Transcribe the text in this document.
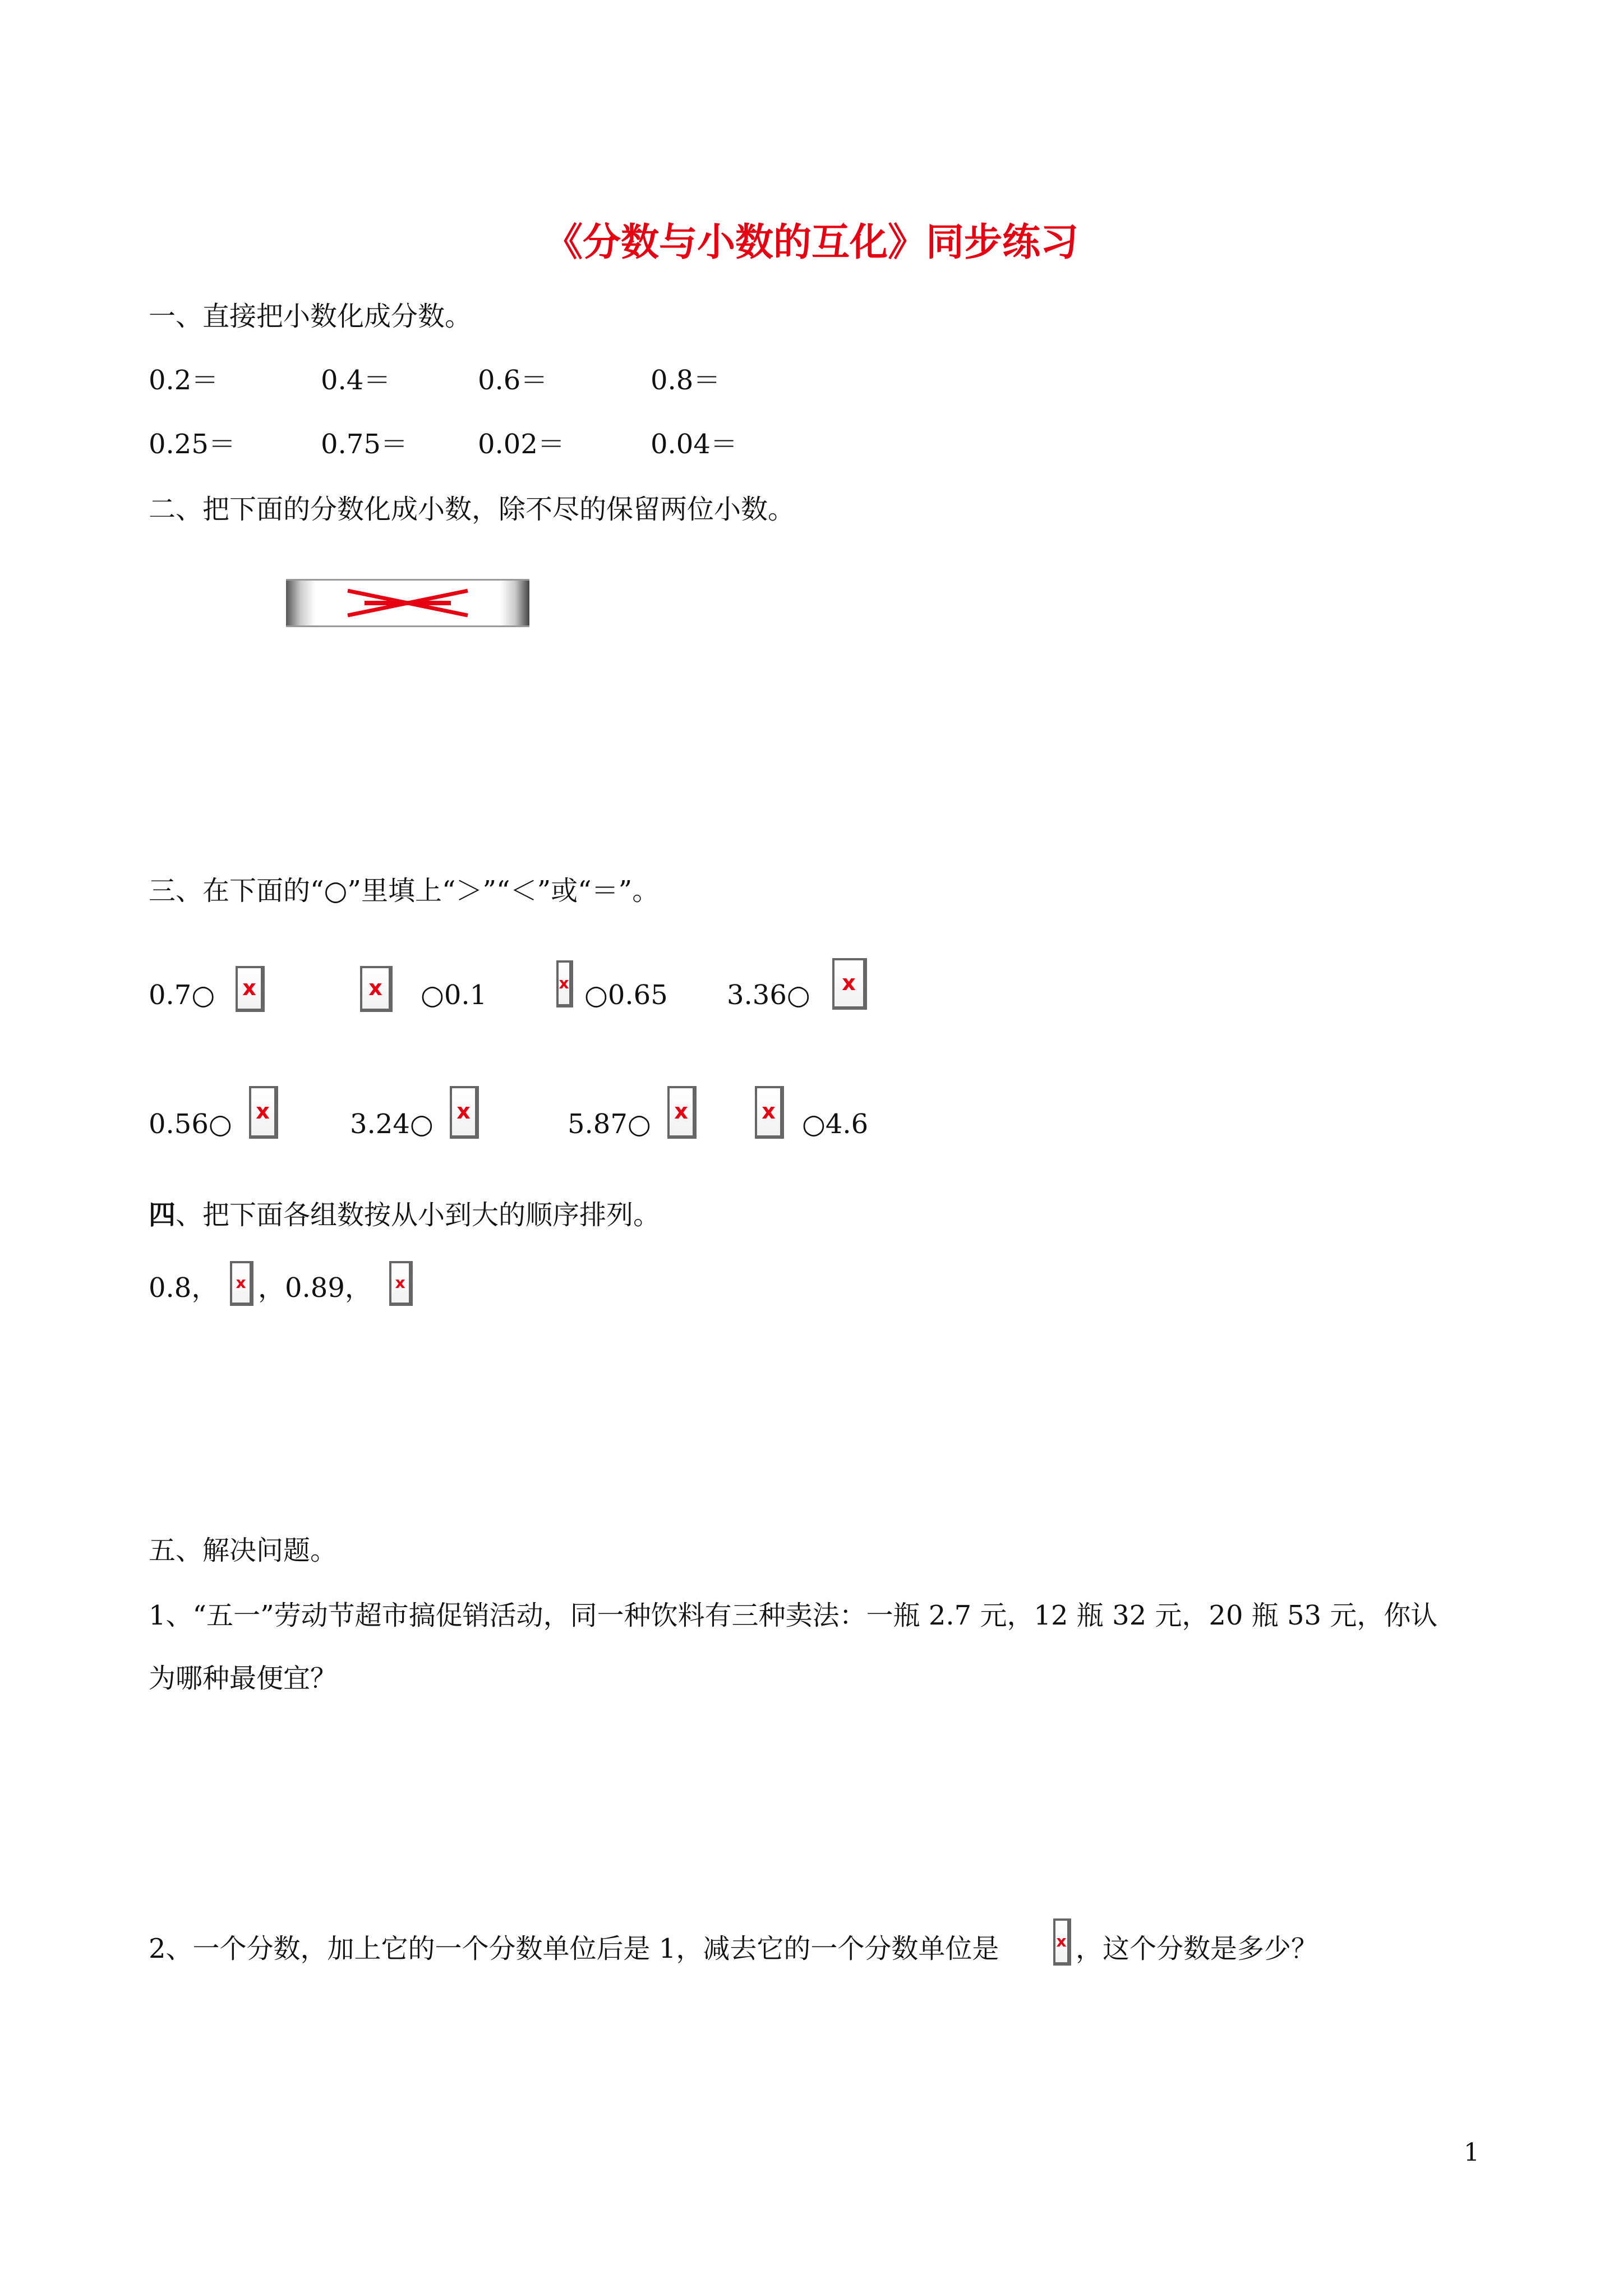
《分数与小数的互化》同步练习
一、直接把小数化成分数。
0.2＝	0.4＝	0.6＝	0.8＝
0.25＝	0.75＝	0.02＝	0.04＝
二、把下面的分数化成小数，除不尽的保留两位小数。
三、在下面的“○”里填上“＞”“＜”或“＝”。
0.7○ x	x ○0.1	x ○0.65 3.36○	x
0.56○ x	3.24○ x	5.87○ x	x ○4.6
四、把下面各组数按从小到大的顺序排列。
0.8， x ，0.89， x
五、解决问题。
1、“五一”劳动节超市搞促销活动，同一种饮料有三种卖法：一瓶 2.7 元，12 瓶 32 元，20 瓶 53 元，你认
为哪种最便宜？
2、一个分数，加上它的一个分数单位后是 1，减去它的一个分数单位是	x ，这个分数是多少？
1
